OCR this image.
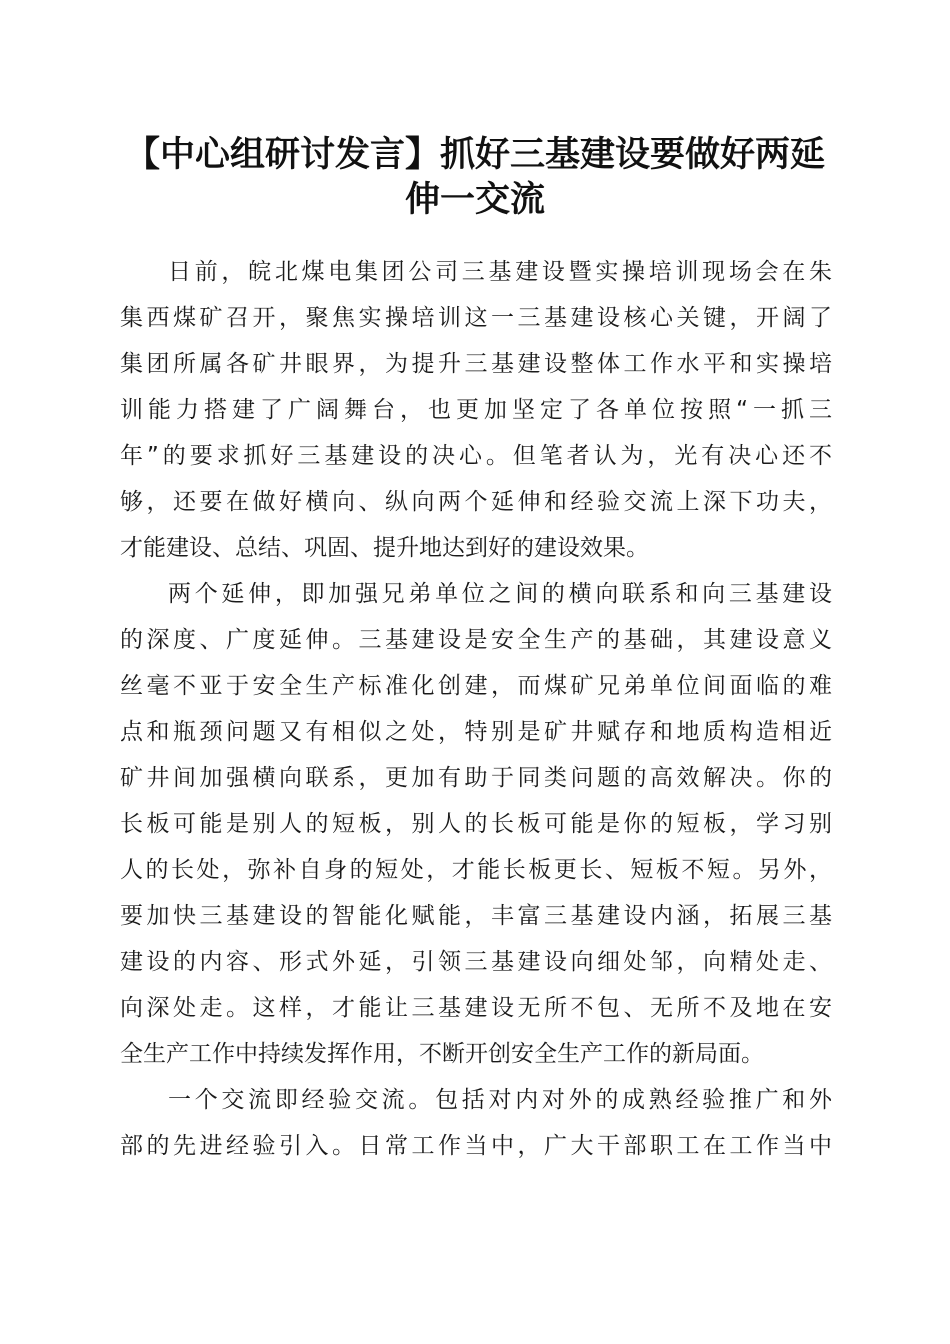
【中心组研讨发言】抓好三基建设要做好两延
伸一交流
日前，皖北煤电集团公司三基建设暨实操培训现场会在朱
集西煤矿召开，聚焦实操培训这一三基建设核心关键，开阔了
集团所属各矿井眼界，为提升三基建设整体工作水平和实操培
训能力搭建了广阔舞台，也更加坚定了各单位按照“一抓三
年”的要求抓好三基建设的决心。但笔者认为，光有决心还不
够，还要在做好横向、纵向两个延伸和经验交流上深下功夫，
才能建设、总结、巩固、提升地达到好的建设效果。
两个延伸，即加强兄弟单位之间的横向联系和向三基建设
的深度、广度延伸。三基建设是安全生产的基础，其建设意义
丝毫不亚于安全生产标准化创建，而煤矿兄弟单位间面临的难
点和瓶颈问题又有相似之处，特别是矿井赋存和地质构造相近
矿井间加强横向联系，更加有助于同类问题的高效解决。你的
长板可能是别人的短板，别人的长板可能是你的短板，学习别
人的长处，弥补自身的短处，才能长板更长、短板不短。另外，
要加快三基建设的智能化赋能，丰富三基建设内涵，拓展三基
建设的内容、形式外延，引领三基建设向细处邹，向精处走、
向深处走。这样，才能让三基建设无所不包、无所不及地在安
全生产工作中持续发挥作用，不断开创安全生产工作的新局面。
一个交流即经验交流。包括对内对外的成熟经验推广和外
部的先进经验引入。日常工作当中，广大干部职工在工作当中
